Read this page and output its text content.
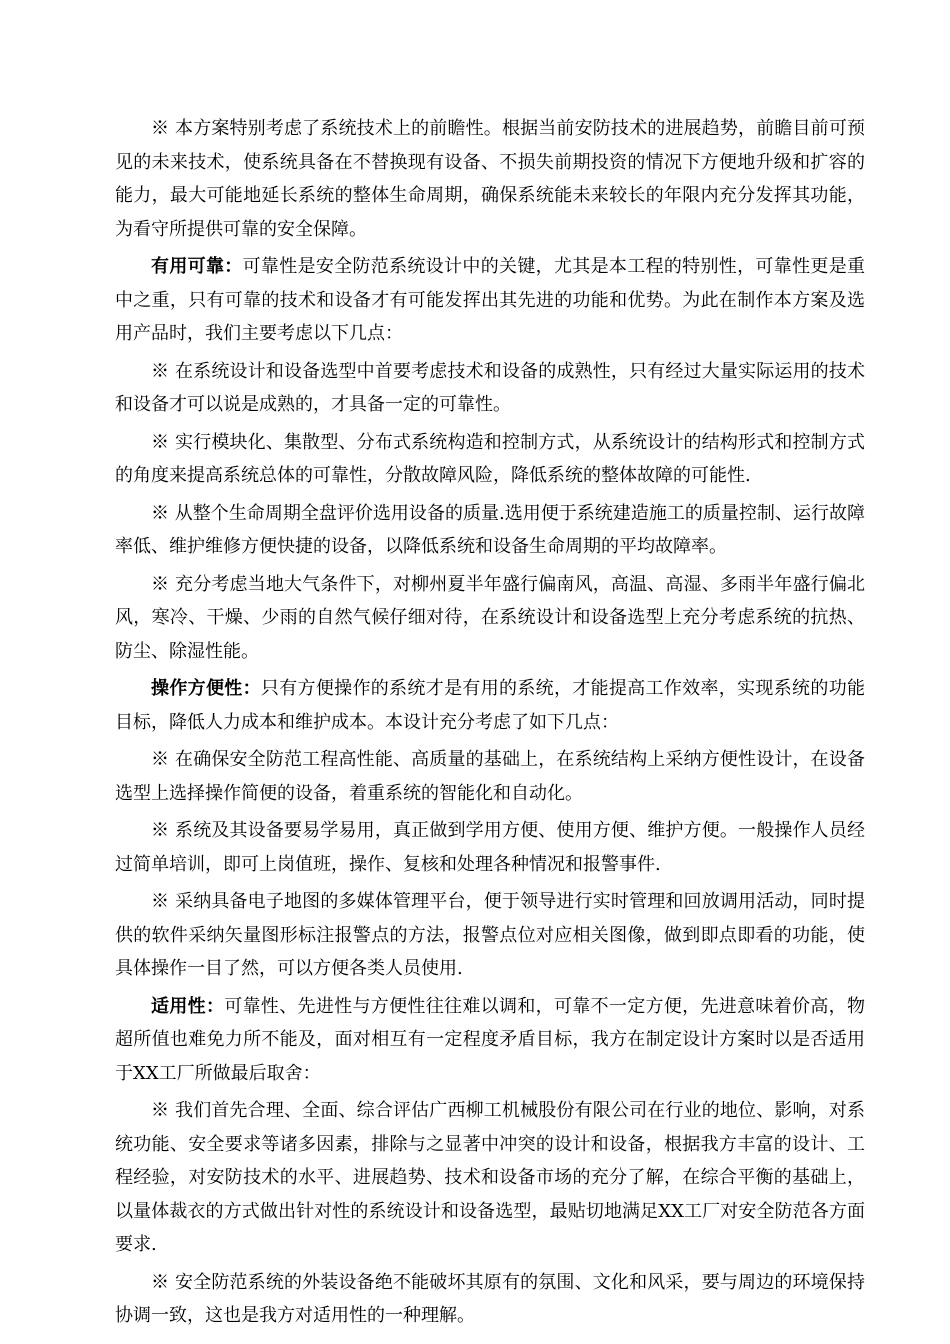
※ 本方案特别考虑了系统技术上的前瞻性。根据当前安防技术的进展趋势，前瞻目前可预见的未来技术，使系统具备在不替换现有设备、不损失前期投资的情况下方便地升级和扩容的能力，最大可能地延长系统的整体生命周期，确保系统能未来较长的年限内充分发挥其功能，为看守所提供可靠的安全保障。

有用可靠：可靠性是安全防范系统设计中的关键，尤其是本工程的特别性，可靠性更是重中之重，只有可靠的技术和设备才有可能发挥出其先进的功能和优势。为此在制作本方案及选用产品时，我们主要考虑以下几点：

※ 在系统设计和设备选型中首要考虑技术和设备的成熟性，只有经过大量实际运用的技术和设备才可以说是成熟的，才具备一定的可靠性。

※ 实行模块化、集散型、分布式系统构造和控制方式，从系统设计的结构形式和控制方式的角度来提高系统总体的可靠性，分散故障风险，降低系统的整体故障的可能性.

※ 从整个生命周期全盘评价选用设备的质量.选用便于系统建造施工的质量控制、运行故障率低、维护维修方便快捷的设备，以降低系统和设备生命周期的平均故障率。

※ 充分考虑当地大气条件下，对柳州夏半年盛行偏南风，高温、高湿、多雨半年盛行偏北风，寒冷、干燥、少雨的自然气候仔细对待，在系统设计和设备选型上充分考虑系统的抗热、防尘、除湿性能。

操作方便性：只有方便操作的系统才是有用的系统，才能提高工作效率，实现系统的功能目标，降低人力成本和维护成本。本设计充分考虑了如下几点：

※ 在确保安全防范工程高性能、高质量的基础上，在系统结构上采纳方便性设计，在设备选型上选择操作简便的设备，着重系统的智能化和自动化。

※ 系统及其设备要易学易用，真正做到学用方便、使用方便、维护方便。一般操作人员经过简单培训，即可上岗值班，操作、复核和处理各种情况和报警事件.

※ 采纳具备电子地图的多媒体管理平台，便于领导进行实时管理和回放调用活动，同时提供的软件采纳矢量图形标注报警点的方法，报警点位对应相关图像，做到即点即看的功能，使具体操作一目了然，可以方便各类人员使用.

适用性：可靠性、先进性与方便性往往难以调和，可靠不一定方便，先进意味着价高，物超所值也难免力所不能及，面对相互有一定程度矛盾目标，我方在制定设计方案时以是否适用于XX工厂所做最后取舍：

※ 我们首先合理、全面、综合评估广西柳工机械股份有限公司在行业的地位、影响，对系统功能、安全要求等诸多因素，排除与之显著中冲突的设计和设备，根据我方丰富的设计、工程经验，对安防技术的水平、进展趋势、技术和设备市场的充分了解，在综合平衡的基础上，以量体裁衣的方式做出针对性的系统设计和设备选型，最贴切地满足XX工厂对安全防范各方面要求.

※ 安全防范系统的外装设备绝不能破坏其原有的氛围、文化和风采，要与周边的环境保持协调一致，这也是我方对适用性的一种理解。
